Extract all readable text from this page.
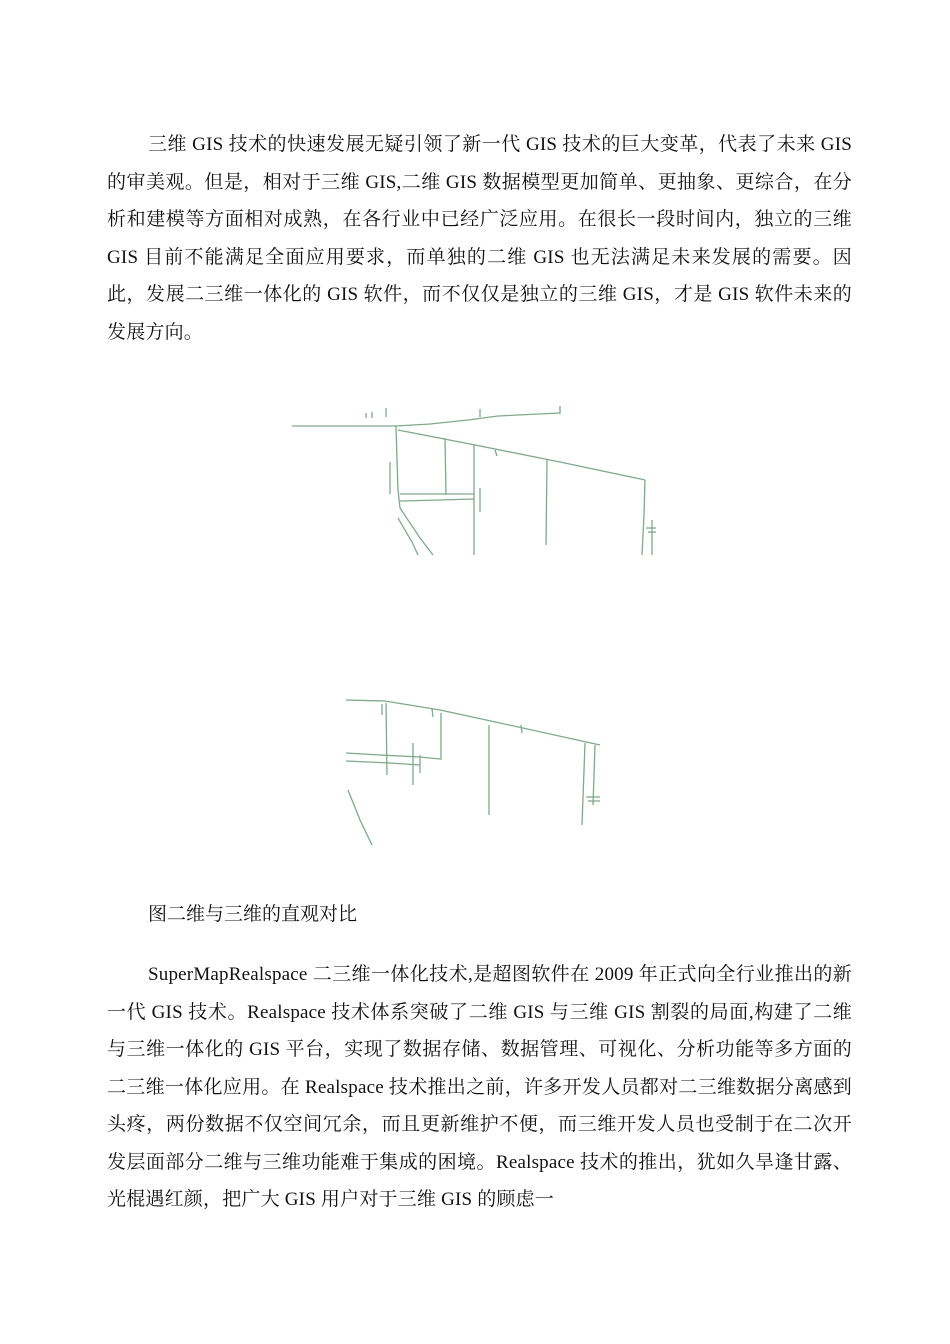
三维 GIS 技术的快速发展无疑引领了新一代 GIS 技术的巨大变革，代表了未来 GIS 的审美观。但是，相对于三维 GIS,二维 GIS 数据模型更加简单、更抽象、更综合，在分析和建模等方面相对成熟，在各行业中已经广泛应用。在很长一段时间内，独立的三维 GIS 目前不能满足全面应用要求，而单独的二维 GIS 也无法满足未来发展的需要。因此，发展二三维一体化的 GIS 软件，而不仅仅是独立的三维 GIS，才是 GIS 软件未来的发展方向。

图二维与三维的直观对比

SuperMapRealspace 二三维一体化技术,是超图软件在 2009 年正式向全行业推出的新一代 GIS 技术。Realspace 技术体系突破了二维 GIS 与三维 GIS 割裂的局面,构建了二维与三维一体化的 GIS 平台，实现了数据存储、数据管理、可视化、分析功能等多方面的二三维一体化应用。在 Realspace 技术推出之前，许多开发人员都对二三维数据分离感到头疼，两份数据不仅空间冗余，而且更新维护不便，而三维开发人员也受制于在二次开发层面部分二维与三维功能难于集成的困境。Realspace 技术的推出，犹如久旱逢甘露、光棍遇红颜，把广大 GIS 用户对于三维 GIS 的顾虑一
